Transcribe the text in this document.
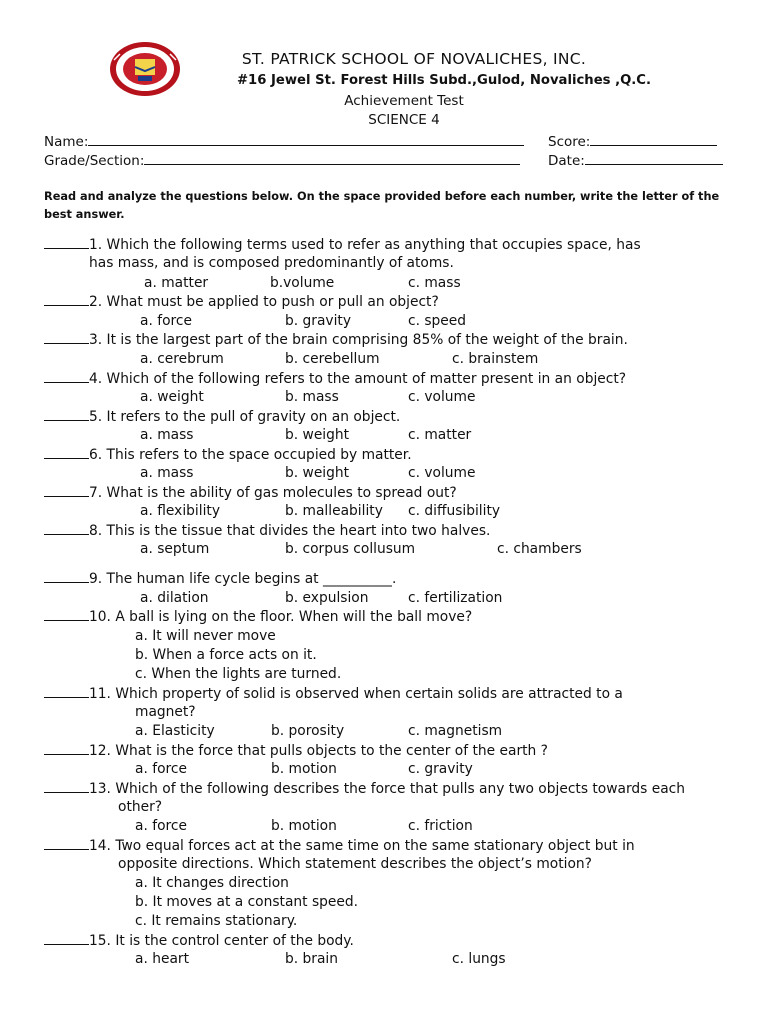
ST. PATRICK SCHOOL OF NOVALICHES, INC.
#16 Jewel St. Forest Hills Subd.,Gulod, Novaliches ,Q.C.
Achievement Test
SCIENCE 4
Name:	Score:
Grade/Section:	Date:
Read and analyze the questions below. On the space provided before each number, write the letter of the best answer.
1. Which the following terms used to refer as anything that occupies space, has
has mass, and is composed predominantly of atoms.
a. matter	b.volume	c. mass
2. What must be applied to push or pull an object?
a. force	b. gravity	c. speed
3. It is the largest part of the brain comprising 85% of the weight of the brain.
a. cerebrum	b. cerebellum	c. brainstem
4. Which of the following refers to the amount of matter present in an object?
a. weight	b. mass	c. volume
5. It refers to the pull of gravity on an object.
a. mass	b. weight	c. matter
6. This refers to the space occupied by matter.
a. mass	b. weight	c. volume
7. What is the ability of gas molecules to spread out?
a. flexibility	b. malleability c. diffusibility
8. This is the tissue that divides the heart into two halves.
a. septum	b. corpus collusum	c. chambers
9. The human life cycle begins at __________.
a. dilation	b. expulsion	c. fertilization
10. A ball is lying on the floor. When will the ball move?
a. It will never move
b. When a force acts on it.
c. When the lights are turned.
11. Which property of solid is observed when certain solids are attracted to a
magnet?
a. Elasticity	b. porosity	c. magnetism
12. What is the force that pulls objects to the center of the earth ?
a. force	b. motion	c. gravity
13. Which of the following describes the force that pulls any two objects towards each
other?
a. force	b. motion	c. friction
14. Two equal forces act at the same time on the same stationary object but in
opposite directions. Which statement describes the object’s motion?
a. It changes direction
b. It moves at a constant speed.
c. It remains stationary.
15. It is the control center of the body.
a. heart	b. brain	c. lungs
